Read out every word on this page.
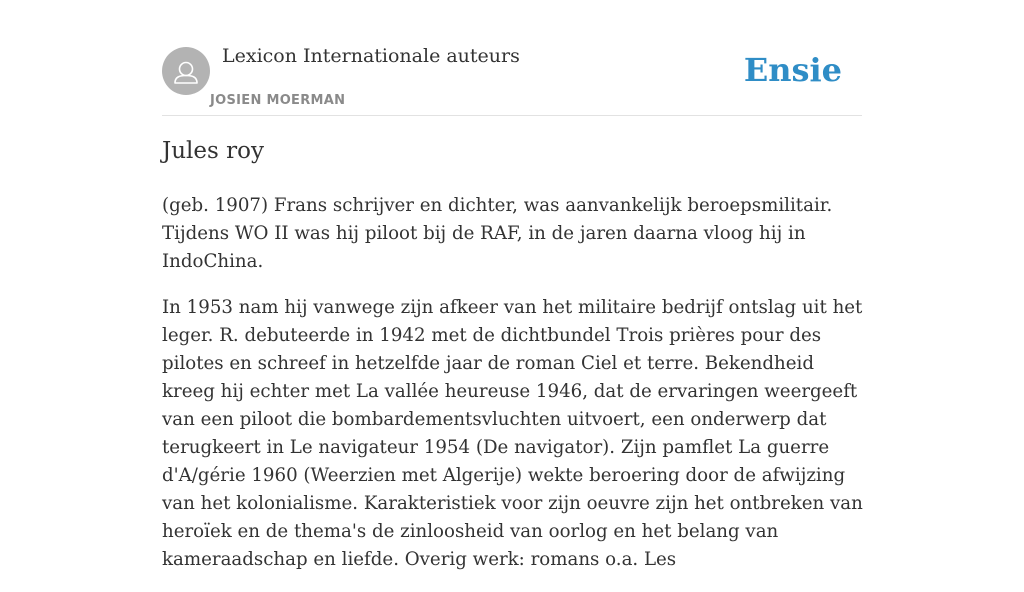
Lexicon Internationale auteurs
JOSIEN MOERMAN
Ensie
Jules roy

(geb. 1907) Frans schrijver en dichter, was aanvankelijk beroepsmilitair. Tijdens WO II was hij piloot bij de RAF, in de jaren daarna vloog hij in IndoChina.

In 1953 nam hij vanwege zijn afkeer van het militaire bedrijf ontslag uit het leger. R. debuteerde in 1942 met de dichtbundel Trois prières pour des pilotes en schreef in hetzelfde jaar de roman Ciel et terre. Bekendheid kreeg hij echter met La vallée heureuse 1946, dat de ervaringen weergeeft van een piloot die bombardementsvluchten uitvoert, een onderwerp dat terugkeert in Le navigateur 1954 (De navigator). Zijn pamflet La guerre d'A/gérie 1960 (Weerzien met Algerije) wekte beroering door de afwijzing van het kolonialisme. Karakteristiek voor zijn oeuvre zijn het ontbreken van heroïek en de thema's de zinloosheid van oorlog en het belang van kameraadschap en liefde. Overig werk: romans o.a. Les
